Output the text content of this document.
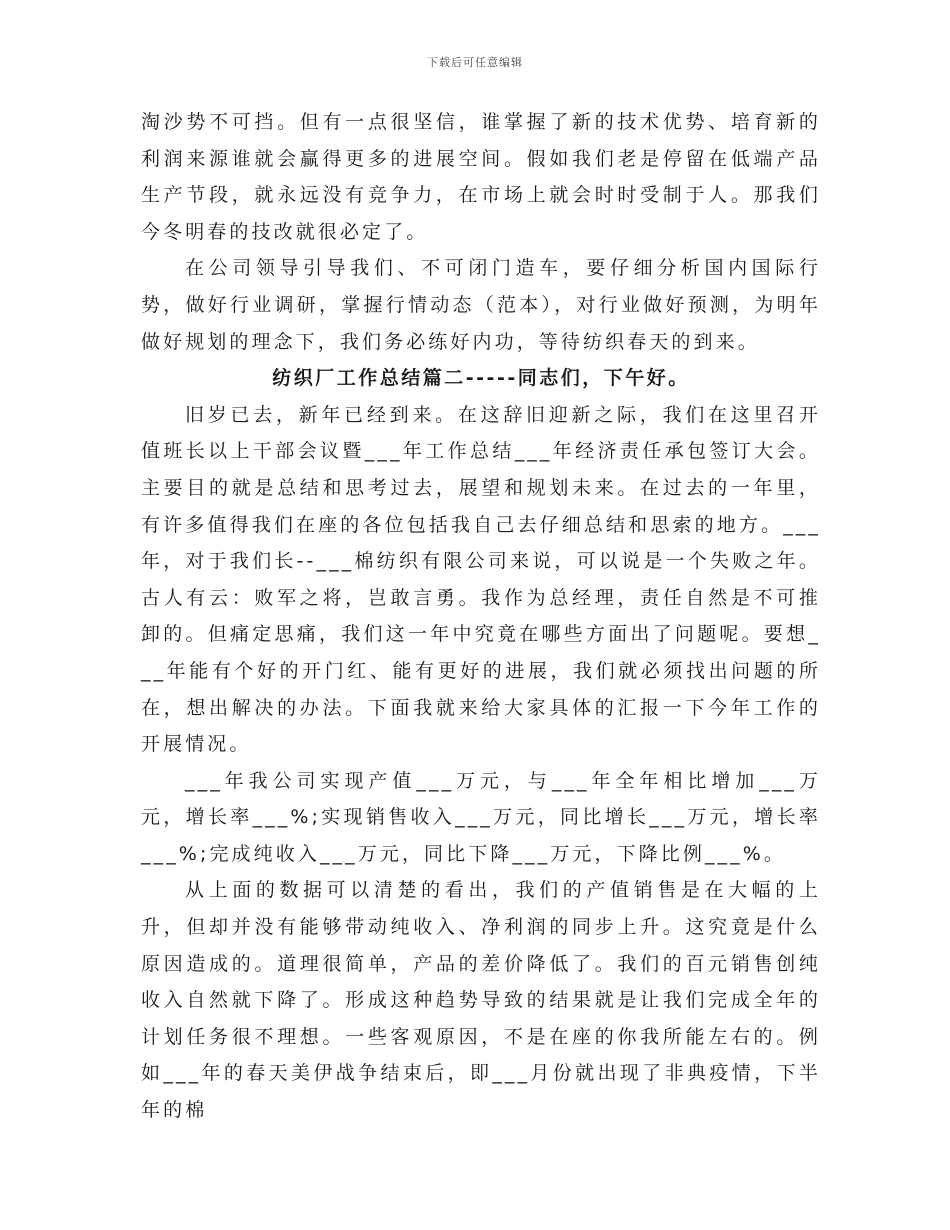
下载后可任意编辑

淘沙势不可挡。但有一点很坚信，谁掌握了新的技术优势、培育新的利润来源谁就会赢得更多的进展空间。假如我们老是停留在低端产品生产节段，就永远没有竞争力，在市场上就会时时受制于人。那我们今冬明春的技改就很必定了。

在公司领导引导我们、不可闭门造车，要仔细分析国内国际行势，做好行业调研，掌握行情动态（范本），对行业做好预测，为明年做好规划的理念下，我们务必练好内功，等待纺织春天的到来。

纺织厂工作总结篇二-----同志们，下午好。

旧岁已去，新年已经到来。在这辞旧迎新之际，我们在这里召开值班长以上干部会议暨___年工作总结___年经济责任承包签订大会。主要目的就是总结和思考过去，展望和规划未来。在过去的一年里，有许多值得我们在座的各位包括我自己去仔细总结和思索的地方。___年，对于我们长--___棉纺织有限公司来说，可以说是一个失败之年。古人有云：败军之将，岂敢言勇。我作为总经理，责任自然是不可推卸的。但痛定思痛，我们这一年中究竟在哪些方面出了问题呢。要想___年能有个好的开门红、能有更好的进展，我们就必须找出问题的所在，想出解决的办法。下面我就来给大家具体的汇报一下今年工作的开展情况。

___年我公司实现产值___万元，与___年全年相比增加___万元，增长率___%;实现销售收入___万元，同比增长___万元，增长率___%;完成纯收入___万元，同比下降___万元，下降比例___%。

从上面的数据可以清楚的看出，我们的产值销售是在大幅的上升，但却并没有能够带动纯收入、净利润的同步上升。这究竟是什么原因造成的。道理很简单，产品的差价降低了。我们的百元销售创纯收入自然就下降了。形成这种趋势导致的结果就是让我们完成全年的计划任务很不理想。一些客观原因，不是在座的你我所能左右的。例如___年的春天美伊战争结束后，即___月份就出现了非典疫情，下半年的棉
